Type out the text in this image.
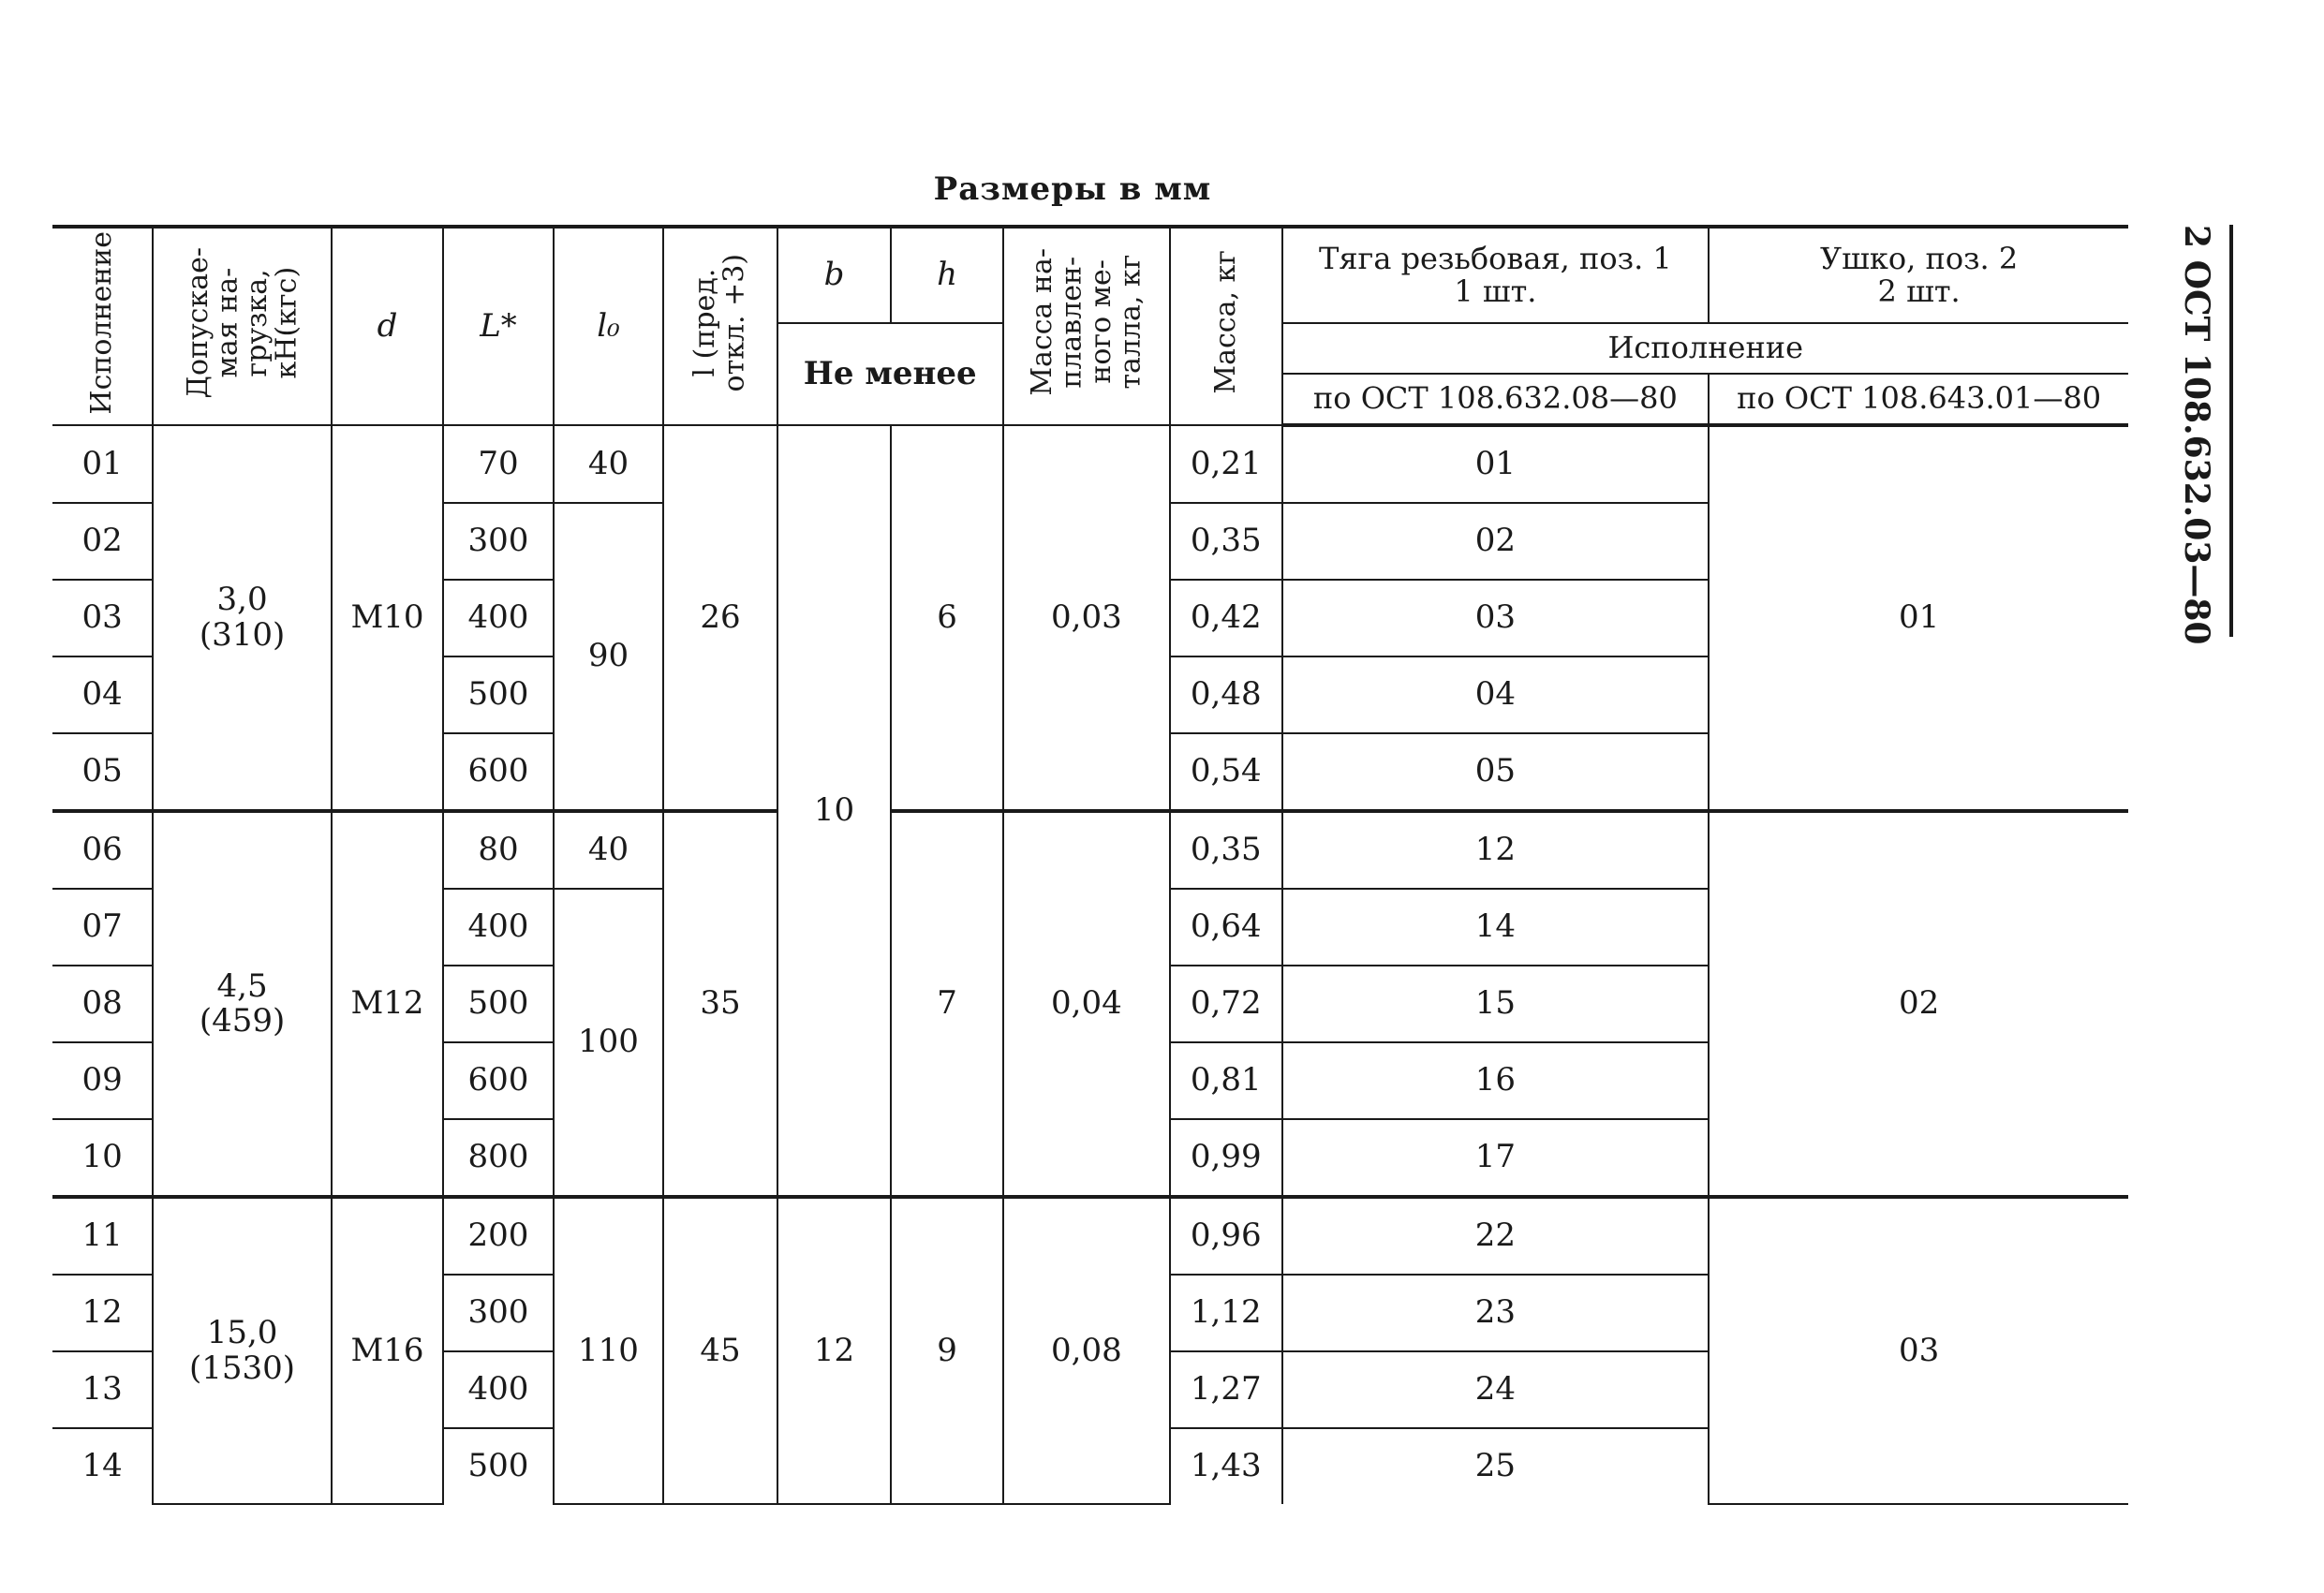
Размеры в мм
2 ОСТ 108.632.03—80
Исполнение	Допускае-
мая на-
грузка,
кН(кгс)	d	L*	l₀	l (пред.
откл. +3)	b	h	Масса на-
плавлен-
ного ме-
талла, кг	Масса, кг	Тяга резьбовая, поз. 1
1 шт.	Ушко, поз. 2
2 шт.
						Не менее				Исполнение	
										по ОСТ 108.632.08—80	по ОСТ 108.643.01—80
01	3,0
(310)	M10	70	40	26	10	6	0,03	0,21	01	01
02			300	90					0,35	02	
03			400						0,42	03	
04			500						0,48	04	
05			600						0,54	05	
06	4,5
(459)	M12	80	40	35		7	0,04	0,35	12	02
07			400	100					0,64	14	
08			500						0,72	15	
09			600						0,81	16	
10			800						0,99	17	
11	15,0
(1530)	M16	200	110	45	12	9	0,08	0,96	22	03
12			300						1,12	23	
13			400						1,27	24	
14			500						1,43	25	
